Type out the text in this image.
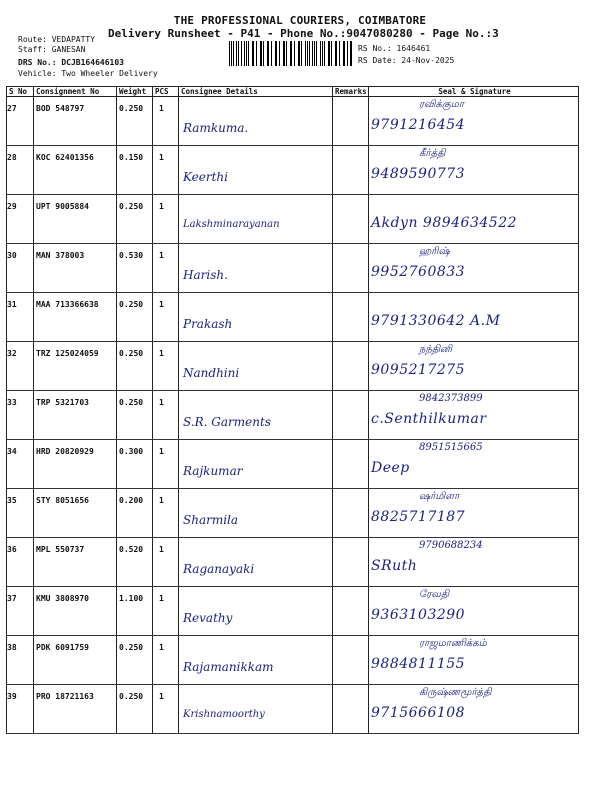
THE PROFESSIONAL COURIERS, COIMBATORE
Delivery Runsheet - P41 - Phone No.:9047080280 - Page No.:3
Route: VEDAPATTY
Staff: GANESAN
DRS No.: DCJB164646103
Vehicle: Two Wheeler Delivery
RS No.: 1646461
RS Date: 24-Nov-2025
S No	Consignment No	Weight	PCS	Consignee Details	Remarks	Seal & Signature
27	BOD 548797	0.250	1	Ramkuma.		ரவிக்குமா
9791216454

28	KOC 62401356	0.150	1	Keerthi		கீர்த்தி
9489590773

29	UPT 9005884	0.250	1	Lakshminarayanan		Akdyn 9894634522

30	MAN 378003	0.530	1	Harish.		ஹரிஷ்
9952760833

31	MAA 713366638	0.250	1	Prakash		9791330642 A.M

32	TRZ 125024059	0.250	1	Nandhini		நந்தினி
9095217275

33	TRP 5321703	0.250	1	S.R. Garments		9842373899
c.Senthilkumar

34	HRD 20820929	0.300	1	Rajkumar		8951515665
Deep

35	STY 8051656	0.200	1	Sharmila		ஷர்மிளா
8825717187

36	MPL 550737	0.520	1	Raganayaki		9790688234
SRuth

37	KMU 3808970	1.100	1	Revathy		ரேவதி
9363103290

38	PDK 6091759	0.250	1	Rajamanikkam		ராஜமாணிக்கம்
9884811155

39	PRO 18721163	0.250	1	Krishnamoorthy		கிருஷ்ணமூர்த்தி
9715666108
